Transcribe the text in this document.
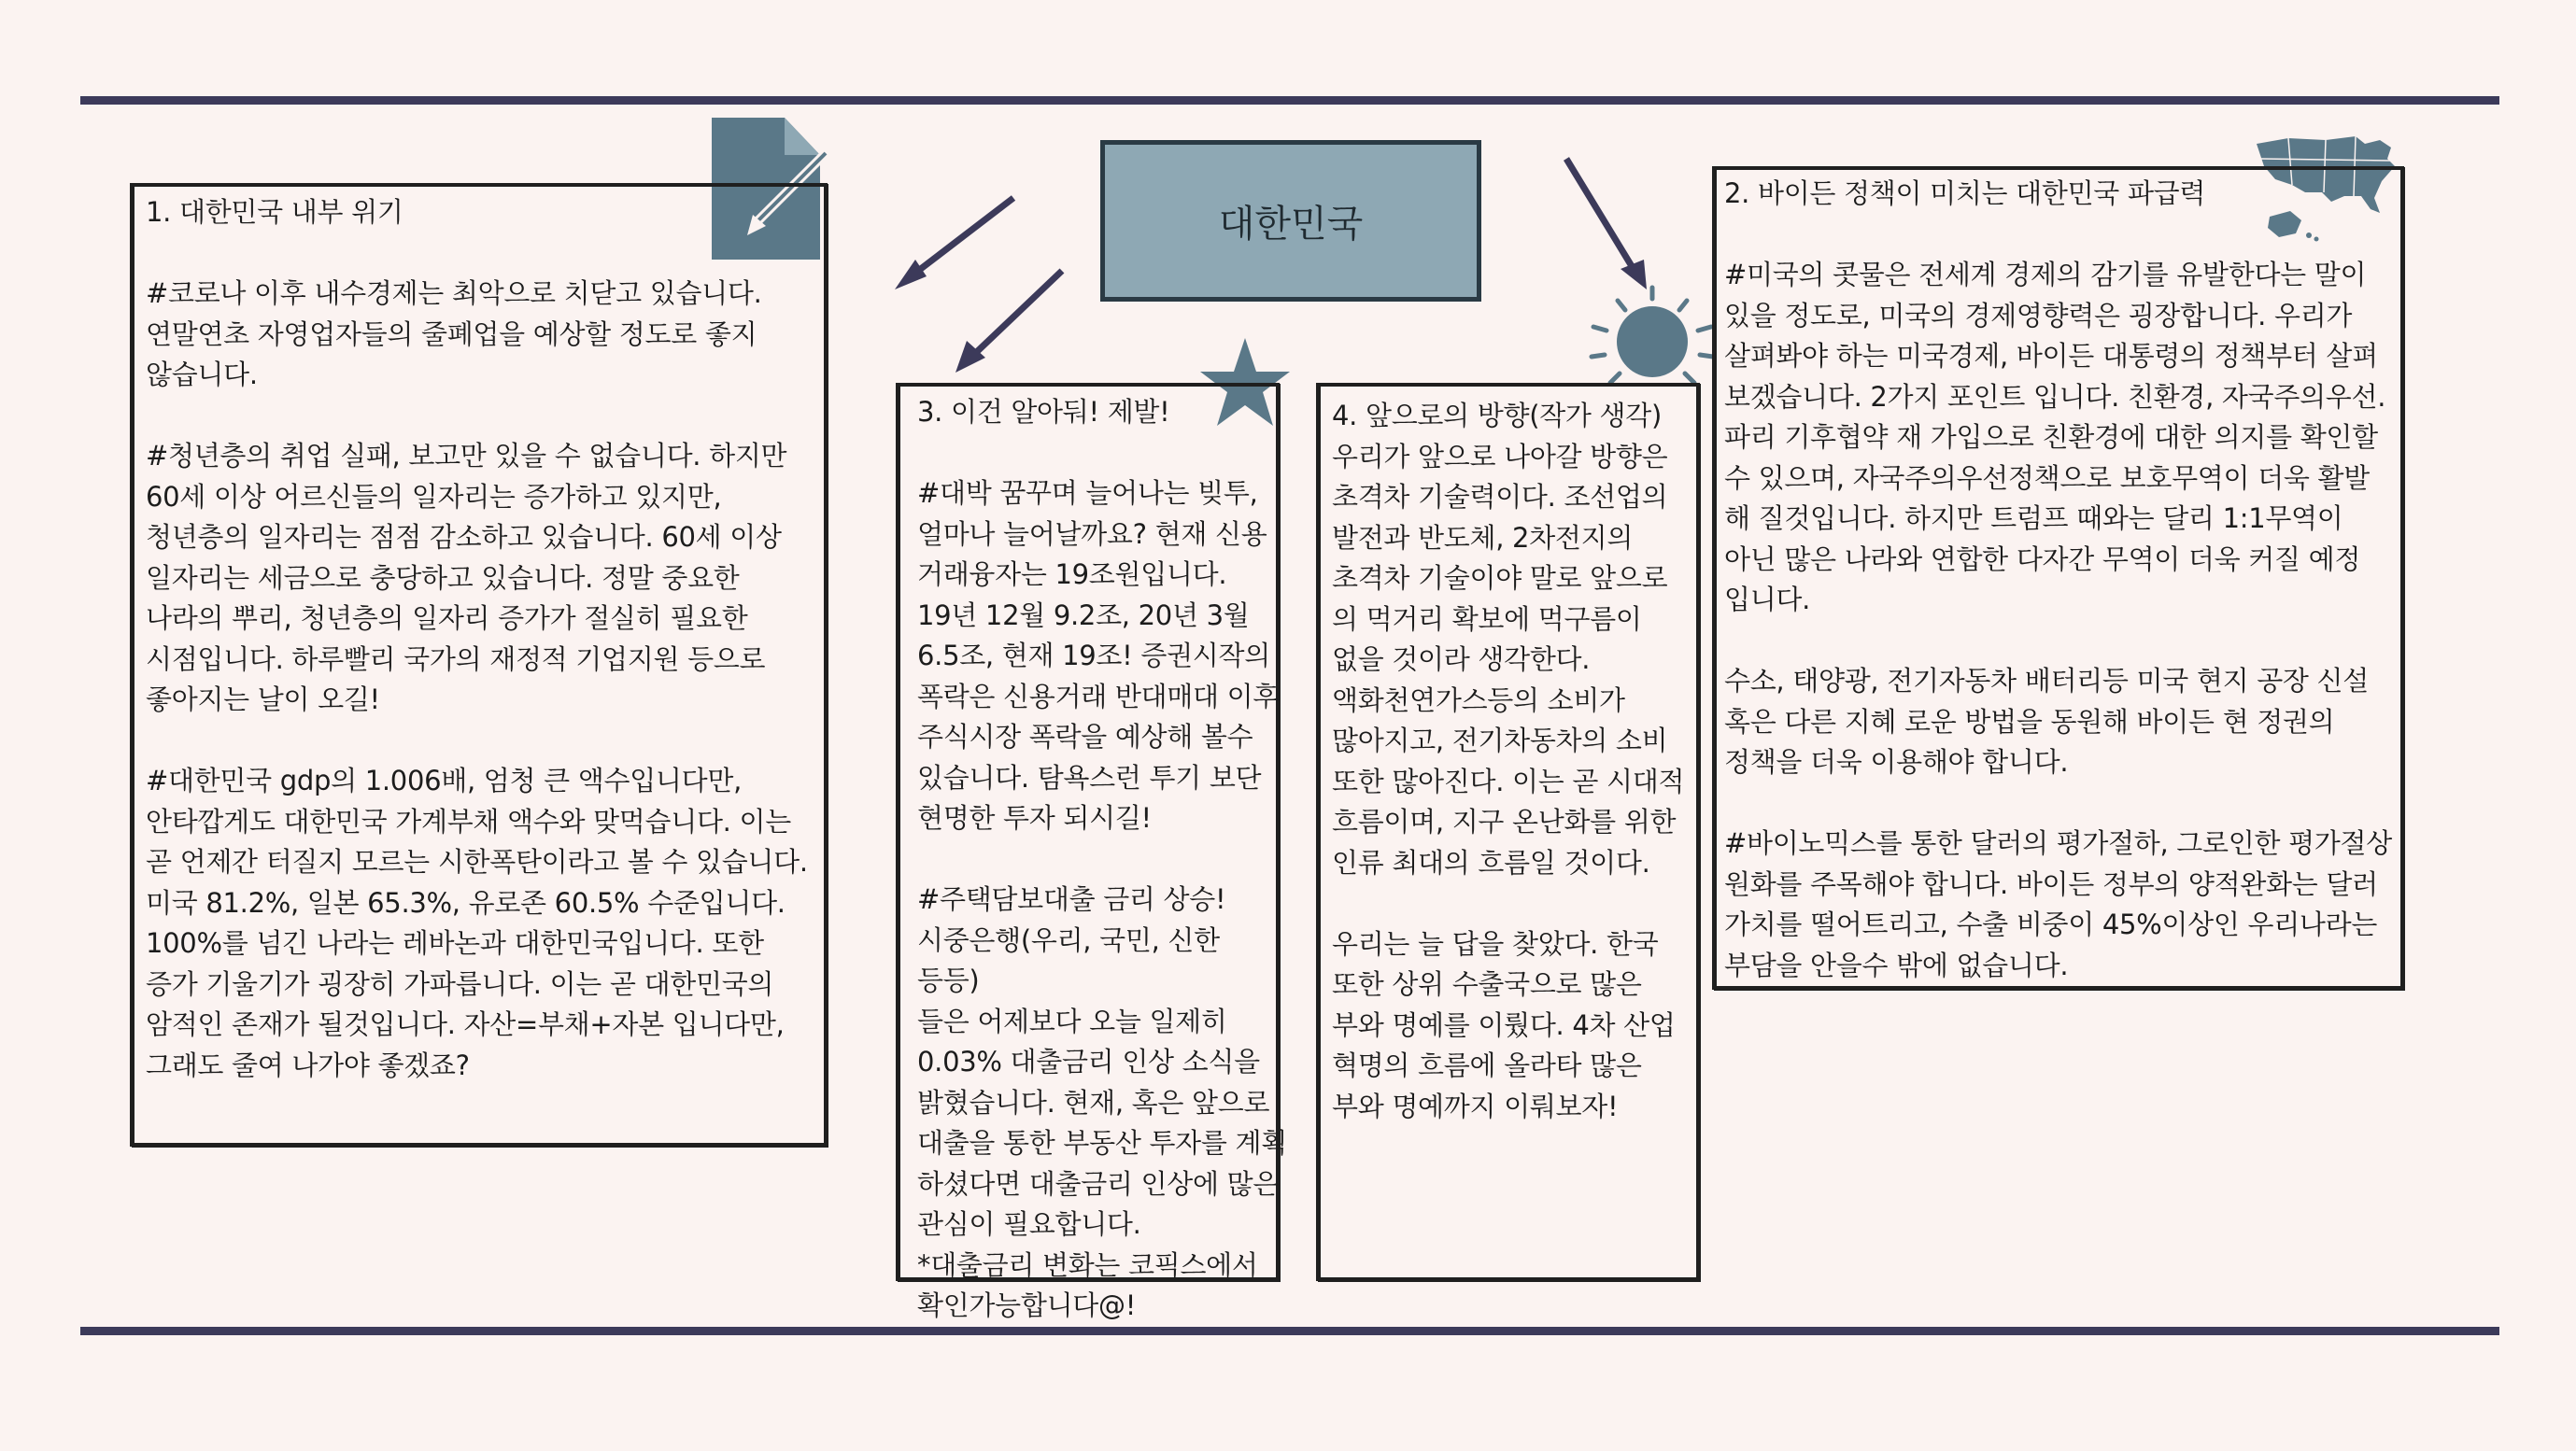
대한민국
1. 대한민국 내부 위기

#코로나 이후 내수경제는 최악으로 치닫고 있습니다.
연말연초 자영업자들의 줄폐업을 예상할 정도로 좋지
않습니다.

#청년층의 취업 실패, 보고만 있을 수 없습니다. 하지만
60세 이상 어르신들의 일자리는 증가하고 있지만,
청년층의 일자리는 점점 감소하고 있습니다. 60세 이상
일자리는 세금으로 충당하고 있습니다. 정말 중요한
나라의 뿌리, 청년층의 일자리 증가가 절실히 필요한
시점입니다. 하루빨리 국가의 재정적 기업지원 등으로
좋아지는 날이 오길!

#대한민국 gdp의 1.006배, 엄청 큰 액수입니다만,
안타깝게도 대한민국 가계부채 액수와 맞먹습니다. 이는
곧 언제간 터질지 모르는 시한폭탄이라고 볼 수 있습니다.
미국 81.2%, 일본 65.3%, 유로존 60.5% 수준입니다.
100%를 넘긴 나라는 레바논과 대한민국입니다. 또한
증가 기울기가 굉장히 가파릅니다. 이는 곧 대한민국의
암적인 존재가 될것입니다. 자산=부채+자본 입니다만,
그래도 줄여 나가야 좋겠죠?
2. 바이든 정책이 미치는 대한민국 파급력

#미국의 콧물은 전세계 경제의 감기를 유발한다는 말이
있을 정도로, 미국의 경제영향력은 굉장합니다. 우리가
살펴봐야 하는 미국경제, 바이든 대통령의 정책부터 살펴
보겠습니다. 2가지 포인트 입니다. 친환경, 자국주의우선.
파리 기후협약 재 가입으로 친환경에 대한 의지를 확인할
수 있으며, 자국주의우선정책으로 보호무역이 더욱 활발
해 질것입니다. 하지만 트럼프 때와는 달리 1:1무역이
아닌 많은 나라와 연합한 다자간 무역이 더욱 커질 예정
입니다.

수소, 태양광, 전기자동차 배터리등 미국 현지 공장 신설
혹은 다른 지혜 로운 방법을 동원해 바이든 현 정권의
정책을 더욱 이용해야 합니다.

#바이노믹스를 통한 달러의 평가절하, 그로인한 평가절상
원화를 주목해야 합니다. 바이든 정부의 양적완화는 달러
가치를 떨어트리고, 수출 비중이 45%이상인 우리나라는
부담을 안을수 밖에 없습니다.
3. 이건 알아둬! 제발!

#대박 꿈꾸며 늘어나는 빚투,
얼마나 늘어날까요? 현재 신용
거래융자는 19조원입니다.
19년 12월 9.2조, 20년 3월
6.5조, 현재 19조! 증권시작의
폭락은 신용거래 반대매대 이후
주식시장 폭락을 예상해 볼수
있습니다. 탐욕스런 투기 보단
현명한 투자 되시길!

#주택담보대출 금리 상승!
시중은행(우리, 국민, 신한 등등)
들은 어제보다 오늘 일제히
0.03% 대출금리 인상 소식을
밝혔습니다. 현재, 혹은 앞으로
대출을 통한 부동산 투자를 계획
하셨다면 대출금리 인상에 많은
관심이 필요합니다.
*대출금리 변화는 코픽스에서
확인가능합니다@!
4. 앞으로의 방향(작가 생각)
우리가 앞으로 나아갈 방향은
초격차 기술력이다. 조선업의
발전과 반도체, 2차전지의
초격차 기술이야 말로 앞으로
의 먹거리 확보에 먹구름이
없을 것이라 생각한다.
액화천연가스등의 소비가
많아지고, 전기차동차의 소비
또한 많아진다. 이는 곧 시대적
흐름이며, 지구 온난화를 위한
인류 최대의 흐름일 것이다.

우리는 늘 답을 찾았다. 한국
또한 상위 수출국으로 많은
부와 명예를 이뤘다. 4차 산업
혁명의 흐름에 올라타 많은
부와 명예까지 이뤄보자!
